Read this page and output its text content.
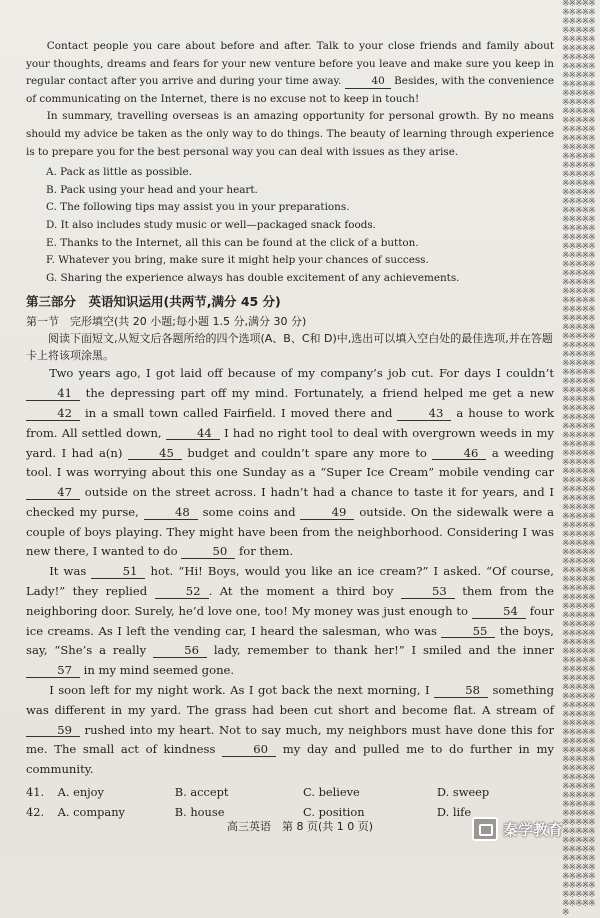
※※※※※※※※※※※※※※※※※※※※※※※※※※※※※※※※※※※※※※※※※※※※※※※※※※※※※※※※※※※※※※※※※※※※※※※※※※※※※※※※※※※※※※※※※※※※※※※※※※※※※※※※※※※※※※※※※※※※※※※※※※※※※※※※※※※※※※※※※※※※※※※※※※※※※※※※※※※※※※※※※※※※※※※※※※※※※※※※※※※※※※※※※※※※※※※※※※※※※※※※※※※※※※※※※※※※※※※※※※※※※※※※※※※※※※※※※※※※※※※※※※※※※※※※※※※※※※※※※※※※※※※※※※※※※※※※※※※※※※※※※※※※※※※※※※※※※※※※※※※※※※※※※※※※※※※※※※※※※※※※※※※※※※※※※※※※※※※※※※※※※※※※※※※※※※※※※※※※※※※※※※※※※※※※※※※※※※※※※※※※※※※※※※※※※※※※※※※※※※※※※※※※※※※※※※※※※※※※※※※※※※※※※※※※※※※※※※※※※※※※※※※※※※※※※※※※※※※※※※※※※※※※※※※※※※※※※※※※※※※※※※※※※※※※※※※※※※※※※※※※※※※※※※

Contact people you care about before and after. Talk to your close friends and family about your thoughts, dreams and fears for your new venture before you leave and make sure you keep in regular contact after you arrive and during your time away.	40 Besides, with the convenience of communicating on the Internet, there is no excuse not to keep in touch!

In summary, travelling overseas is an amazing opportunity for personal growth. By no means should my advice be taken as the only way to do things. The beauty of learning through experience is to prepare you for the best personal way you can deal with issues as they arise.

A. Pack as little as possible.

B. Pack using your head and your heart.

C. The following tips may assist you in your preparations.

D. It also includes study music or well—packaged snack foods.

E. Thanks to the Internet, all this can be found at the click of a button.

F. Whatever you bring, make sure it might help your chances of success.

G. Sharing the experience always has double excitement of any achievements.

第三部分　英语知识运用(共两节,满分 45 分)

第一节　完形填空(共 20 小题;每小题 1.5 分,满分 30 分)

阅读下面短文,从短文后各题所给的四个选项(A、B、C和 D)中,选出可以填入空白处的最佳选项,并在答题卡上将该项涂黑。

Two years ago, I got laid off because of my company’s job cut. For days I couldn’t 41 the depressing part off my mind. Fortunately, a friend helped me get a new 42 in a small town called Fairfield. I moved there and	43 a house to work from. All settled down,	44 I had no right tool to deal with overgrown weeds in my yard. I had a(n)	45 budget and couldn’t spare any more to	46 a weeding tool. I was worrying about this one Sunday as a “Super Ice Cream” mobile vending car 47 outside on the street across. I hadn’t had a chance to taste it for years, and I checked my purse,	48 some coins and	49 outside. On the sidewalk were a couple of boys playing. They might have been from the neighborhood. Considering I was new there, I wanted to do	50 for them.

It was	51 hot. “Hi! Boys, would you like an ice cream?” I asked. “Of course, Lady!” they replied	52 . At the moment a third boy	53 them from the neighboring door. Surely, he’d love one, too! My money was just enough to	54 four ice creams. As I left the vending car, I heard the salesman, who was	55 the boys, say, “She’s a really	56 lady, remember to thank her!” I smiled and the inner 57 in my mind seemed gone.

I soon left for my night work. As I got back the next morning, I	58 something was different in my yard. The grass had been cut short and become flat. A stream of 59 rushed into my heart. Not to say much, my neighbors must have done this for me. The small act of kindness	60 my day and pulled me to do further in my community.

41.	A. enjoy	B. accept	C. believe	D. sweep
42.	A. company	B. house	C. position	D. life
高三英语　第 8 页(共 1 0 页)	秦学教育
